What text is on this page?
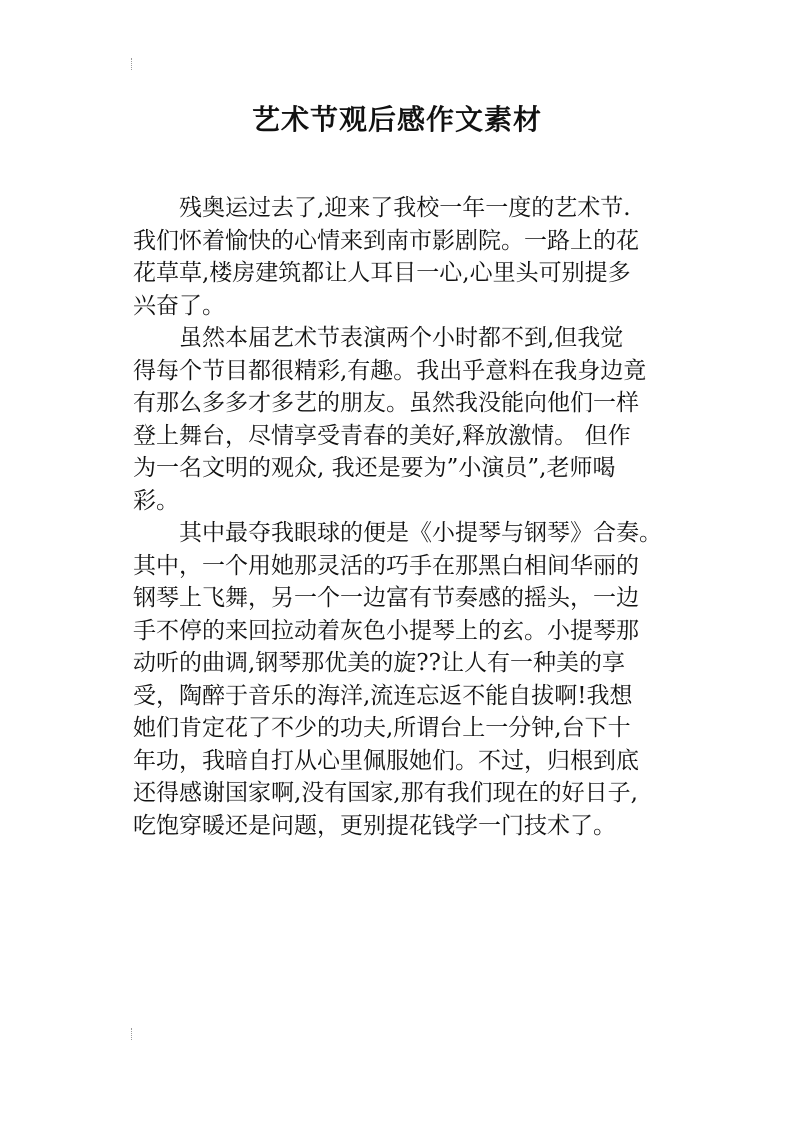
艺术节观后感作文素材
残奥运过去了,迎来了我校一年一度的艺术节.
我们怀着愉快的心情来到南市影剧院。一路上的花
花草草,楼房建筑都让人耳目一心,心里头可别提多
兴奋了。
虽然本届艺术节表演两个小时都不到,但我觉
得每个节目都很精彩,有趣。我出乎意料在我身边竟
有那么多多才多艺的朋友。虽然我没能向他们一样
登上舞台，尽情享受青春的美好,释放激情。 但作
为一名文明的观众, 我还是要为”小演员”,老师喝
彩。
其中最夺我眼球的便是《小提琴与钢琴》合奏。
其中，一个用她那灵活的巧手在那黑白相间华丽的
钢琴上飞舞，另一个一边富有节奏感的摇头，一边
手不停的来回拉动着灰色小提琴上的玄。小提琴那
动听的曲调,钢琴那优美的旋??让人有一种美的享
受，陶醉于音乐的海洋,流连忘返不能自拔啊!我想
她们肯定花了不少的功夫,所谓台上一分钟,台下十
年功，我暗自打从心里佩服她们。不过，归根到底
还得感谢国家啊,没有国家,那有我们现在的好日子,
吃饱穿暖还是问题，更别提花钱学一门技术了。
